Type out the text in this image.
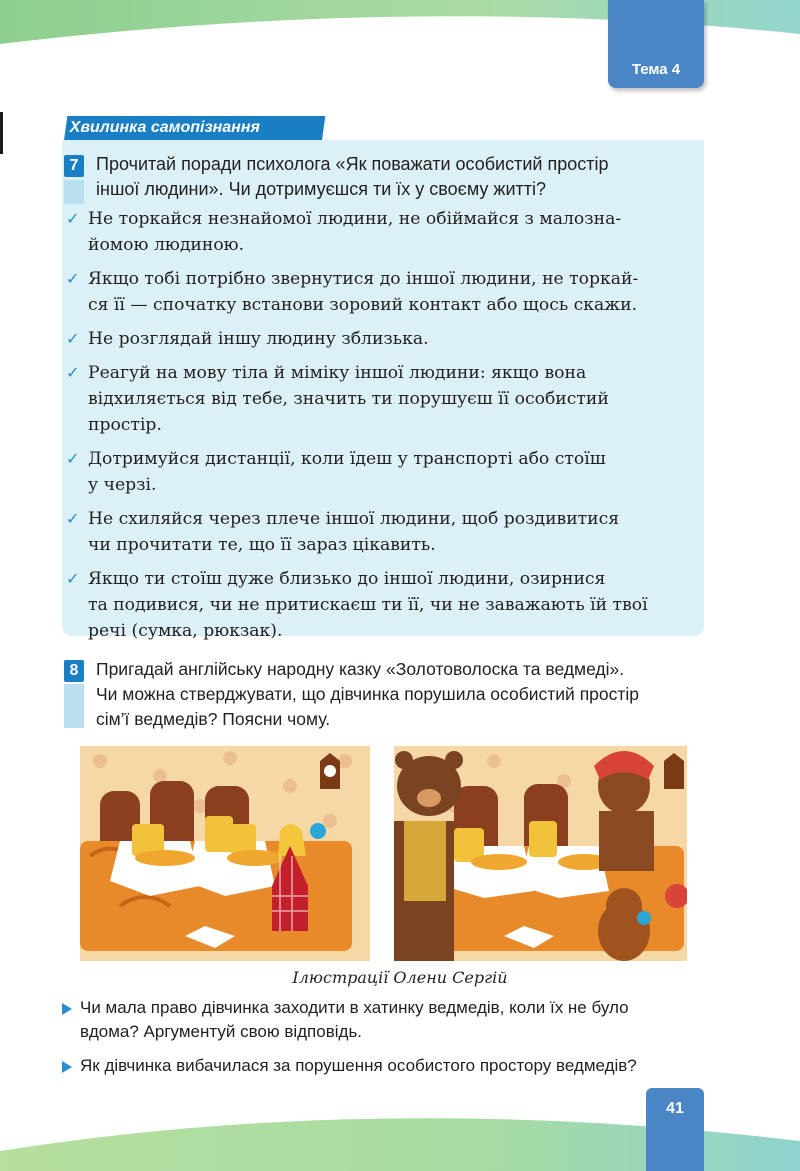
Тема 4
Хвилинка самопізнання
7 Прочитай поради психолога «Як поважати особистий простір
іншої людини». Чи дотримуєшся ти їх у своєму житті?
✓ Не торкайся незнайомої людини, не обіймайся з малозна-
йомою людиною.
✓ Якщо тобі потрібно звернутися до іншої людини, не торкай-
ся її — спочатку встанови зоровий контакт або щось скажи.
✓ Не розглядай іншу людину зблизька.
✓ Реагуй на мову тіла й міміку іншої людини: якщо вона
відхиляється від тебе, значить ти порушуєш її особистий
простір.
✓ Дотримуйся дистанції, коли їдеш у транспорті або стоїш
у черзі.
✓ Не схиляйся через плече іншої людини, щоб роздивитися
чи прочитати те, що її зараз цікавить.
✓ Якщо ти стоїш дуже близько до іншої людини, озирнися
та подивися, чи не притискаєш ти її, чи не заважають їй твої
речі (сумка, рюкзак).
8	Пригадай англійську народну казку «Золотоволоска та ведмеді».
Чи можна стверджувати, що дівчинка порушила особистий простір
сім’ї ведмедів? Поясни чому.
Ілюстрації Олени Сергій
Чи мала право дівчинка заходити в хатинку ведмедів, коли їх не було
вдома? Аргументуй свою відповідь.
Як дівчинка вибачилася за порушення особистого простору ведмедів?
41
